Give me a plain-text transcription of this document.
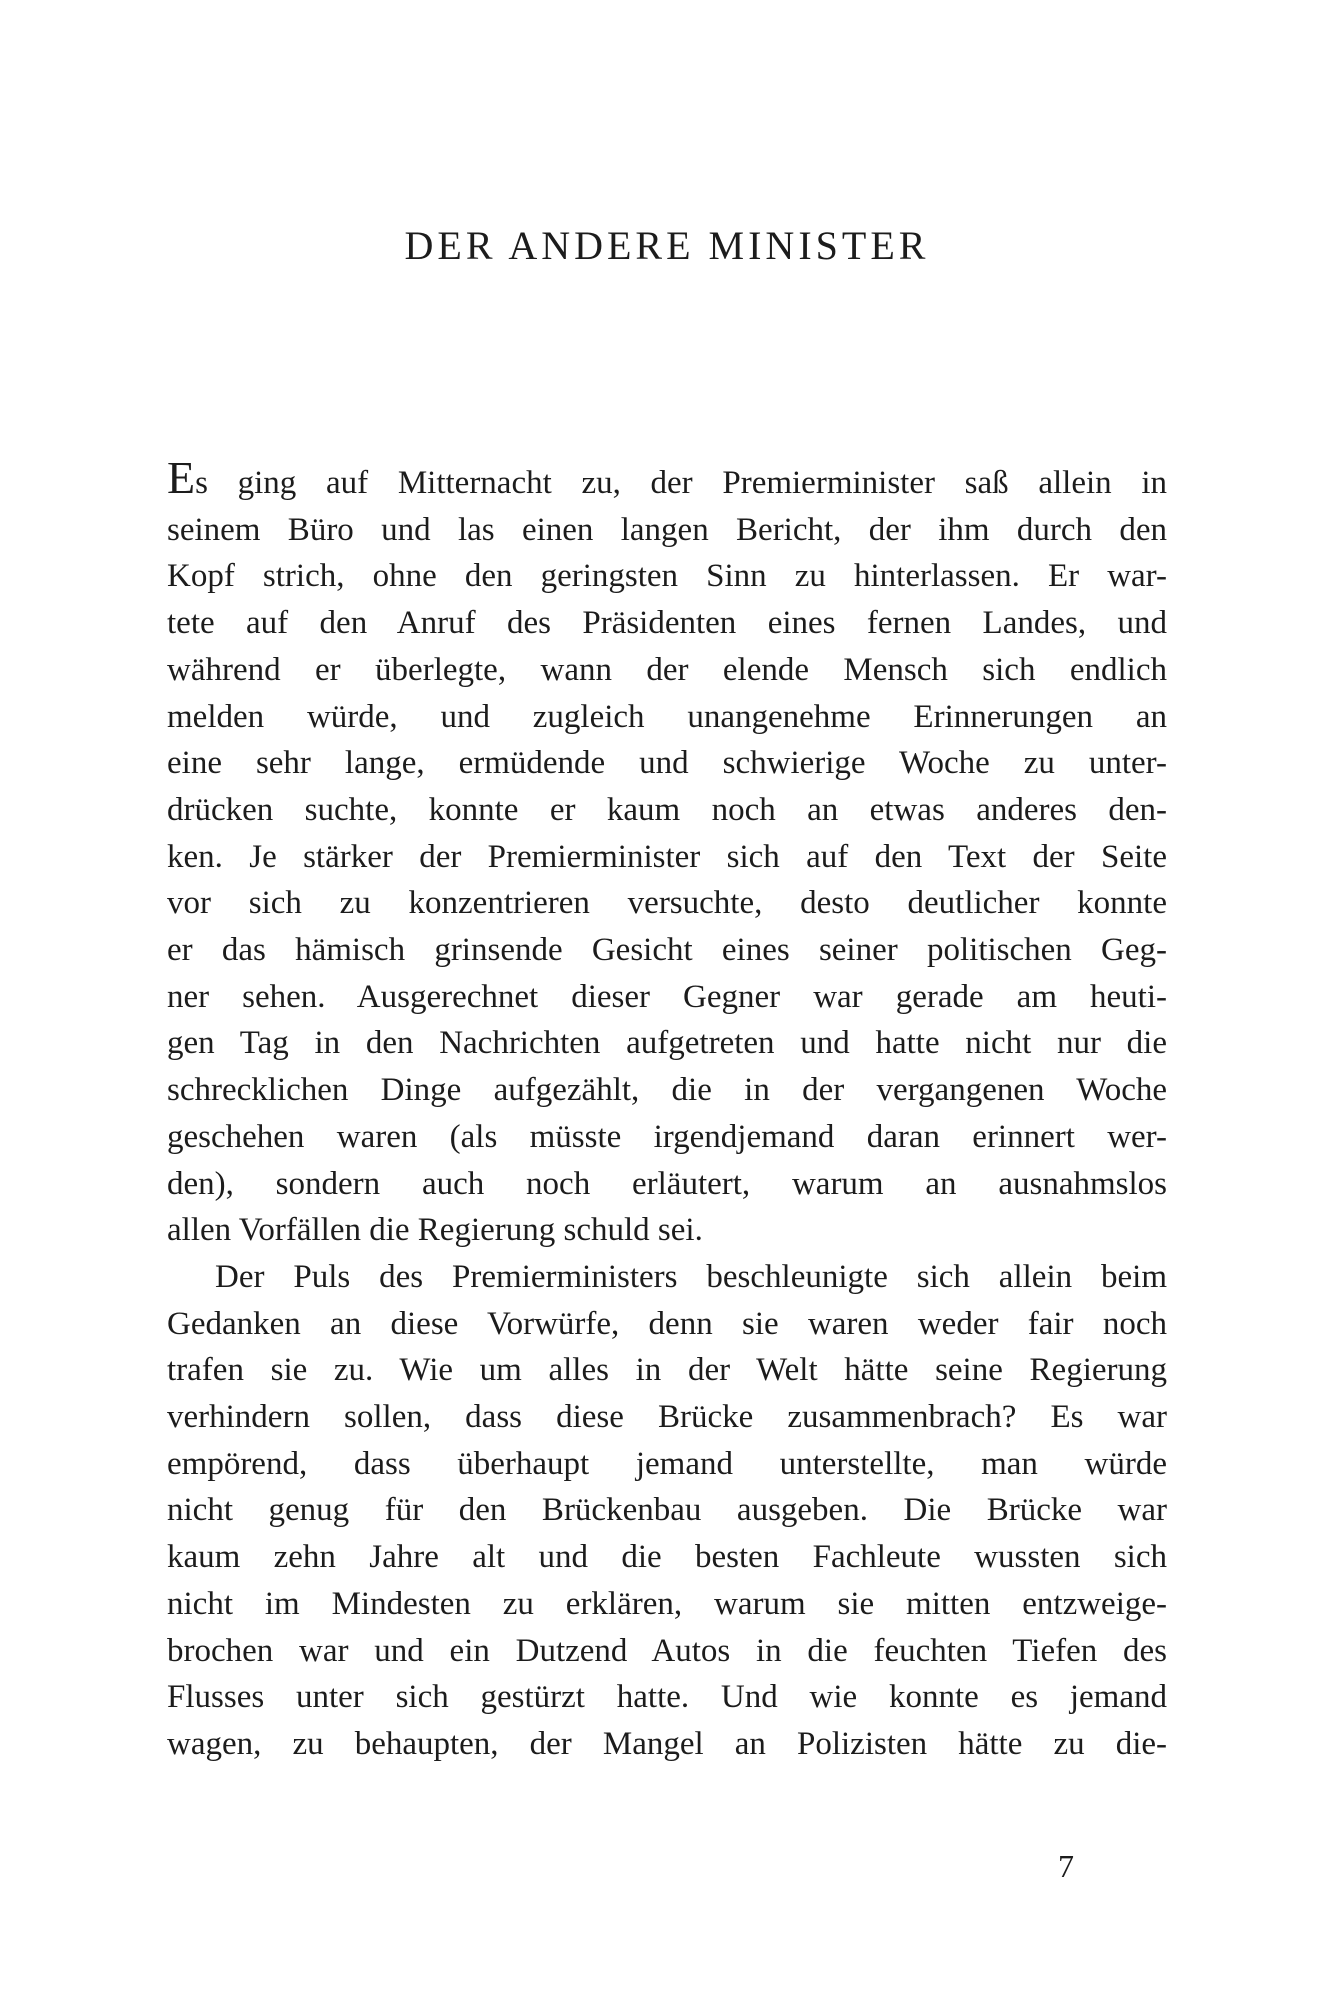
DER ANDERE MINISTER
Es ging auf Mitternacht zu, der Premierminister saß allein in
seinem Büro und las einen langen Bericht, der ihm durch den
Kopf strich, ohne den geringsten Sinn zu hinterlassen. Er war-
tete auf den Anruf des Präsidenten eines fernen Landes, und
während er überlegte, wann der elende Mensch sich endlich
melden würde, und zugleich unangenehme Erinnerungen an
eine sehr lange, ermüdende und schwierige Woche zu unter-
drücken suchte, konnte er kaum noch an etwas anderes den-
ken. Je stärker der Premierminister sich auf den Text der Seite
vor sich zu konzentrieren versuchte, desto deutlicher konnte
er das hämisch grinsende Gesicht eines seiner politischen Geg-
ner sehen. Ausgerechnet dieser Gegner war gerade am heuti-
gen Tag in den Nachrichten aufgetreten und hatte nicht nur die
schrecklichen Dinge aufgezählt, die in der vergangenen Woche
geschehen waren (als müsste irgendjemand daran erinnert wer-
den), sondern auch noch erläutert, warum an ausnahmslos
allen Vorfällen die Regierung schuld sei.
Der Puls des Premierministers beschleunigte sich allein beim
Gedanken an diese Vorwürfe, denn sie waren weder fair noch
trafen sie zu. Wie um alles in der Welt hätte seine Regierung
verhindern sollen, dass diese Brücke zusammenbrach? Es war
empörend, dass überhaupt jemand unterstellte, man würde
nicht genug für den Brückenbau ausgeben. Die Brücke war
kaum zehn Jahre alt und die besten Fachleute wussten sich
nicht im Mindesten zu erklären, warum sie mitten entzweige-
brochen war und ein Dutzend Autos in die feuchten Tiefen des
Flusses unter sich gestürzt hatte. Und wie konnte es jemand
wagen, zu behaupten, der Mangel an Polizisten hätte zu die-
7
